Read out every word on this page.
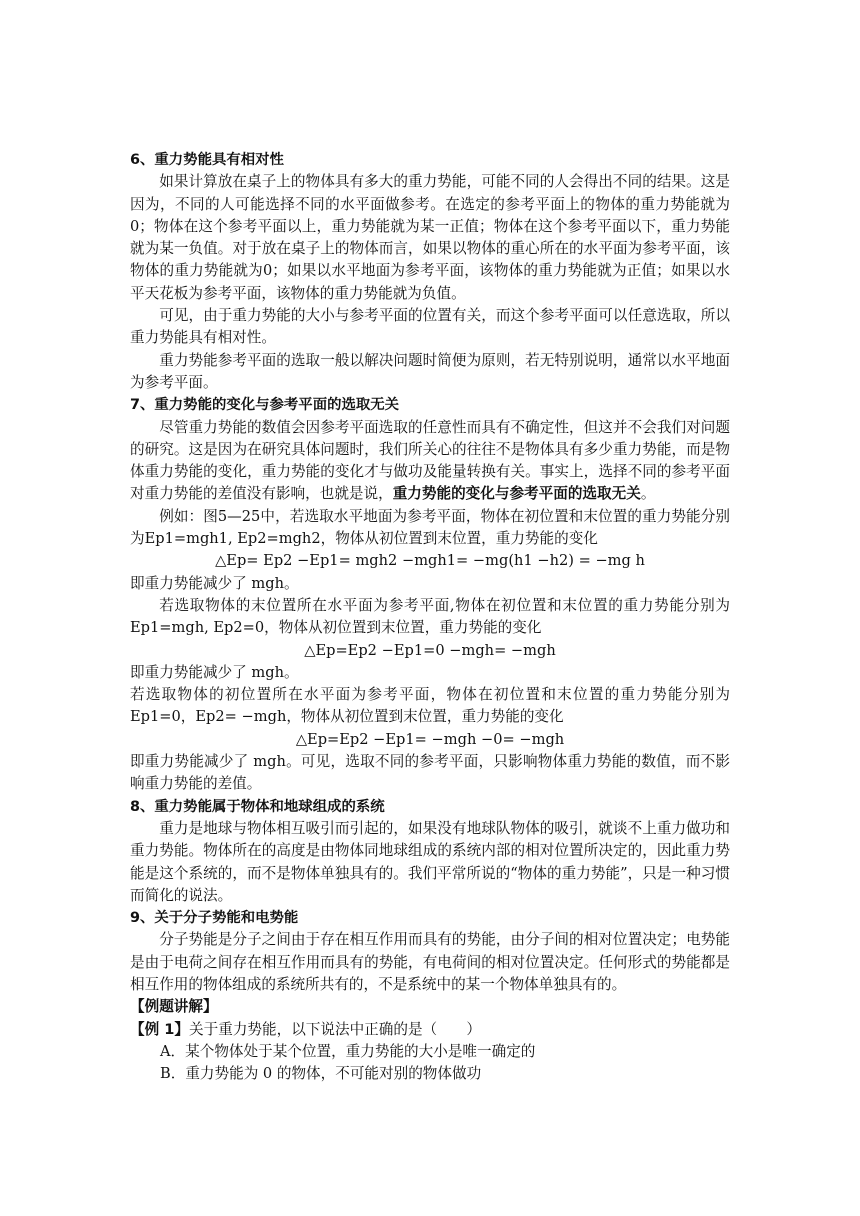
6、重力势能具有相对性

如果计算放在桌子上的物体具有多大的重力势能，可能不同的人会得出不同的结果。这是因为，不同的人可能选择不同的水平面做参考。在选定的参考平面上的物体的重力势能就为0；物体在这个参考平面以上，重力势能就为某一正值；物体在这个参考平面以下，重力势能就为某一负值。对于放在桌子上的物体而言，如果以物体的重心所在的水平面为参考平面，该物体的重力势能就为0；如果以水平地面为参考平面，该物体的重力势能就为正值；如果以水平天花板为参考平面，该物体的重力势能就为负值。

可见，由于重力势能的大小与参考平面的位置有关，而这个参考平面可以任意选取，所以重力势能具有相对性。

重力势能参考平面的选取一般以解决问题时简便为原则，若无特别说明，通常以水平地面为参考平面。

7、重力势能的变化与参考平面的选取无关

尽管重力势能的数值会因参考平面选取的任意性而具有不确定性，但这并不会我们对问题的研究。这是因为在研究具体问题时，我们所关心的往往不是物体具有多少重力势能，而是物体重力势能的变化，重力势能的变化才与做功及能量转换有关。事实上，选择不同的参考平面对重力势能的差值没有影响，也就是说，重力势能的变化与参考平面的选取无关。

例如：图5—25中，若选取水平地面为参考平面，物体在初位置和末位置的重力势能分别为Ep1=mgh1, Ep2=mgh2，物体从初位置到末位置，重力势能的变化

△Ep= Ep2 −Ep1= mgh2 −mgh1= −mg(h1 −h2) = −mg h

即重力势能减少了 mgh。

若选取物体的末位置所在水平面为参考平面,物体在初位置和末位置的重力势能分别为Ep1=mgh, Ep2=0，物体从初位置到末位置，重力势能的变化

△Ep=Ep2 −Ep1=0 −mgh= −mgh

即重力势能减少了 mgh。

若选取物体的初位置所在水平面为参考平面，物体在初位置和末位置的重力势能分别为Ep1=0，Ep2= −mgh，物体从初位置到末位置，重力势能的变化

△Ep=Ep2 −Ep1= −mgh −0= −mgh

即重力势能减少了 mgh。可见，选取不同的参考平面，只影响物体重力势能的数值，而不影响重力势能的差值。

8、重力势能属于物体和地球组成的系统

重力是地球与物体相互吸引而引起的，如果没有地球队物体的吸引，就谈不上重力做功和重力势能。物体所在的高度是由物体同地球组成的系统内部的相对位置所决定的，因此重力势能是这个系统的，而不是物体单独具有的。我们平常所说的“物体的重力势能”，只是一种习惯而简化的说法。

9、关于分子势能和电势能

分子势能是分子之间由于存在相互作用而具有的势能，由分子间的相对位置决定；电势能是由于电荷之间存在相互作用而具有的势能，有电荷间的相对位置决定。任何形式的势能都是相互作用的物体组成的系统所共有的，不是系统中的某一个物体单独具有的。

【例题讲解】

【例 1】关于重力势能，以下说法中正确的是（　　）

A．某个物体处于某个位置，重力势能的大小是唯一确定的

B．重力势能为 0 的物体，不可能对别的物体做功
